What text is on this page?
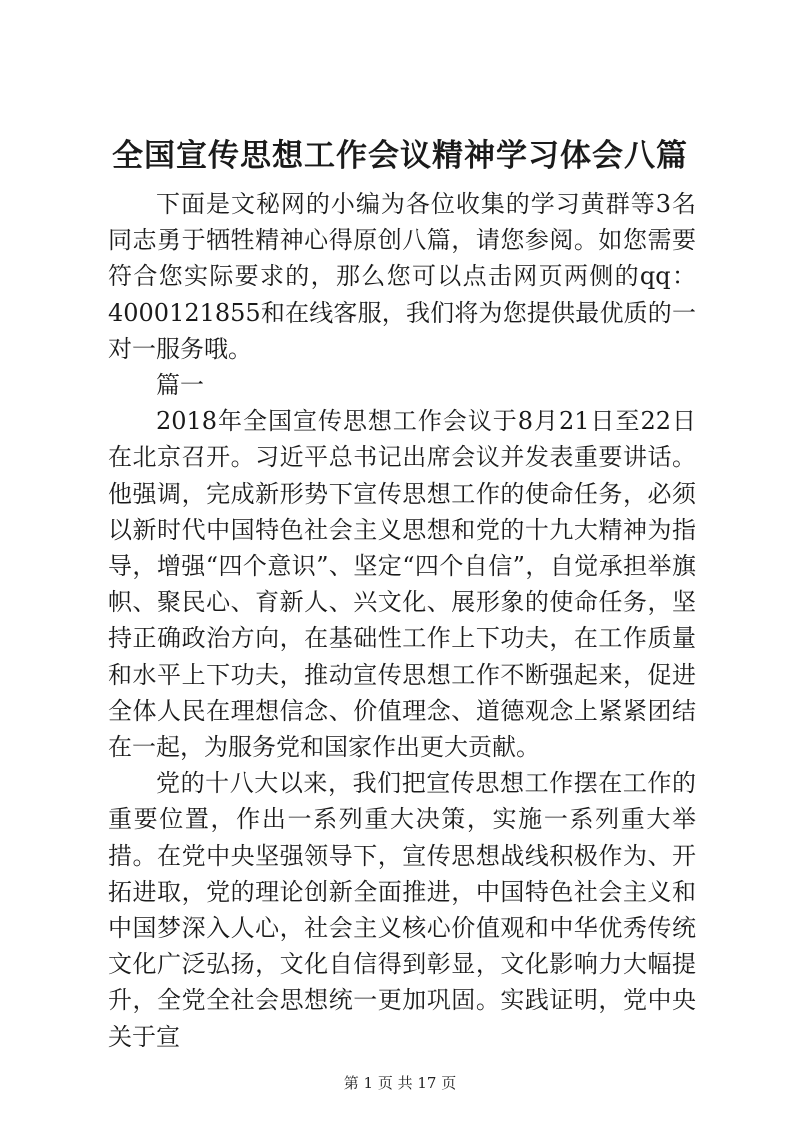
全国宣传思想工作会议精神学习体会八篇

下面是文秘网的小编为各位收集的学习黄群等3名同志勇于牺牲精神心得原创八篇，请您参阅。如您需要符合您实际要求的，那么您可以点击网页两侧的qq：4000121855和在线客服，我们将为您提供最优质的一对一服务哦。

篇一

2018年全国宣传思想工作会议于8月21日至22日在北京召开。习近平总书记出席会议并发表重要讲话。他强调，完成新形势下宣传思想工作的使命任务，必须以新时代中国特色社会主义思想和党的十九大精神为指导，增强“四个意识”、坚定“四个自信”，自觉承担举旗帜、聚民心、育新人、兴文化、展形象的使命任务，坚持正确政治方向，在基础性工作上下功夫，在工作质量和水平上下功夫，推动宣传思想工作不断强起来，促进全体人民在理想信念、价值理念、道德观念上紧紧团结在一起，为服务党和国家作出更大贡献。

党的十八大以来，我们把宣传思想工作摆在工作的重要位置，作出一系列重大决策，实施一系列重大举措。在党中央坚强领导下，宣传思想战线积极作为、开拓进取，党的理论创新全面推进，中国特色社会主义和中国梦深入人心，社会主义核心价值观和中华优秀传统文化广泛弘扬，文化自信得到彰显，文化影响力大幅提升，全党全社会思想统一更加巩固。实践证明，党中央关于宣

第 1 页 共 17 页
